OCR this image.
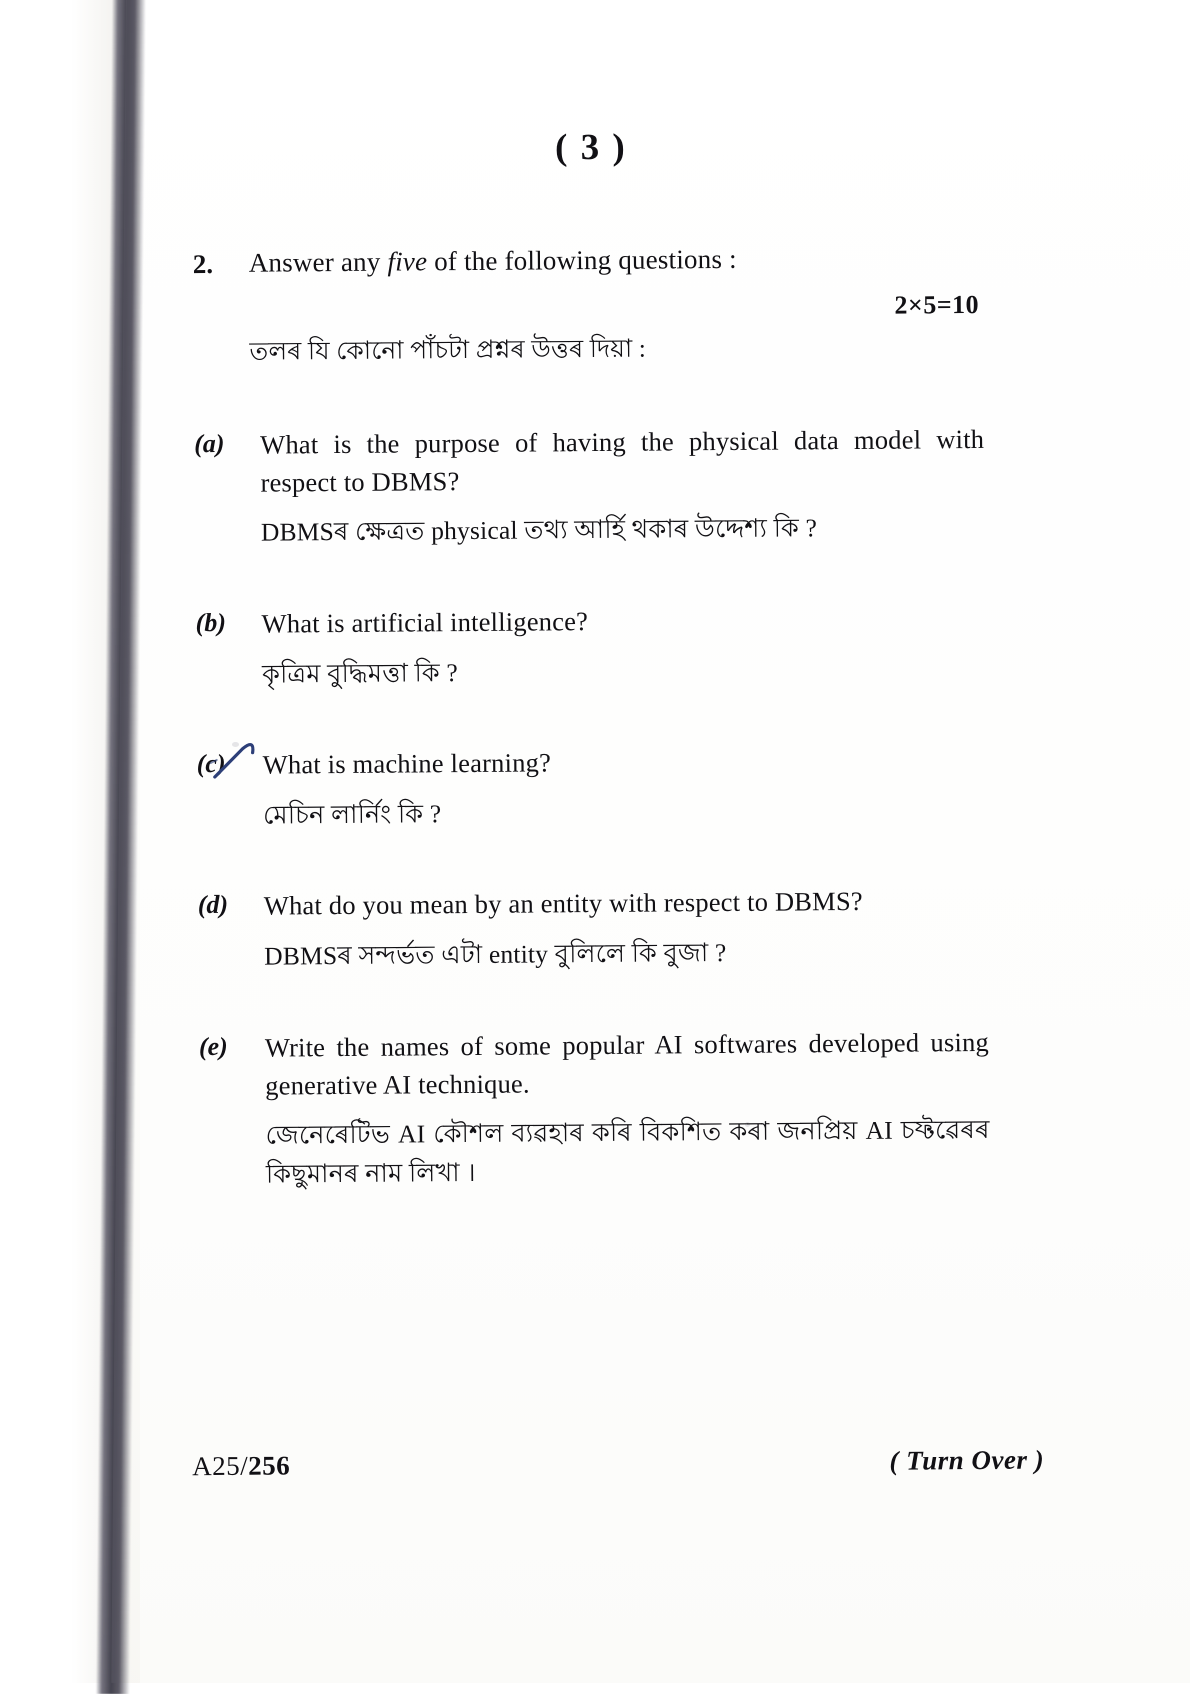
( 3 )
2.	Answer any five of the following questions :
2×5=10
তলৰ যি কোনো পাঁচটা প্ৰশ্নৰ উত্তৰ দিয়া :
(a)	What is the purpose of having the physical data model with respect to DBMS?
DBMSৰ ক্ষেত্ৰত physical তথ্য আৰ্হি থকাৰ উদ্দেশ্য কি ?
(b)	What is artificial intelligence?
কৃত্ৰিম বুদ্ধিমত্তা কি ?
(c)	What is machine learning?
মেচিন লাৰ্নিং কি ?
(d)	What do you mean by an entity with respect to DBMS?
DBMSৰ সন্দৰ্ভত এটা entity বুলিলে কি বুজা ?
(e)	Write the names of some popular AI softwares developed using generative AI technique.
জেনেৰেটিভ AI কৌশল ব্যৱহাৰ কৰি বিকশিত কৰা জনপ্ৰিয় AI চফ্টৱেৰৰ কিছুমানৰ নাম লিখা ।
A25/256	( Turn Over )
